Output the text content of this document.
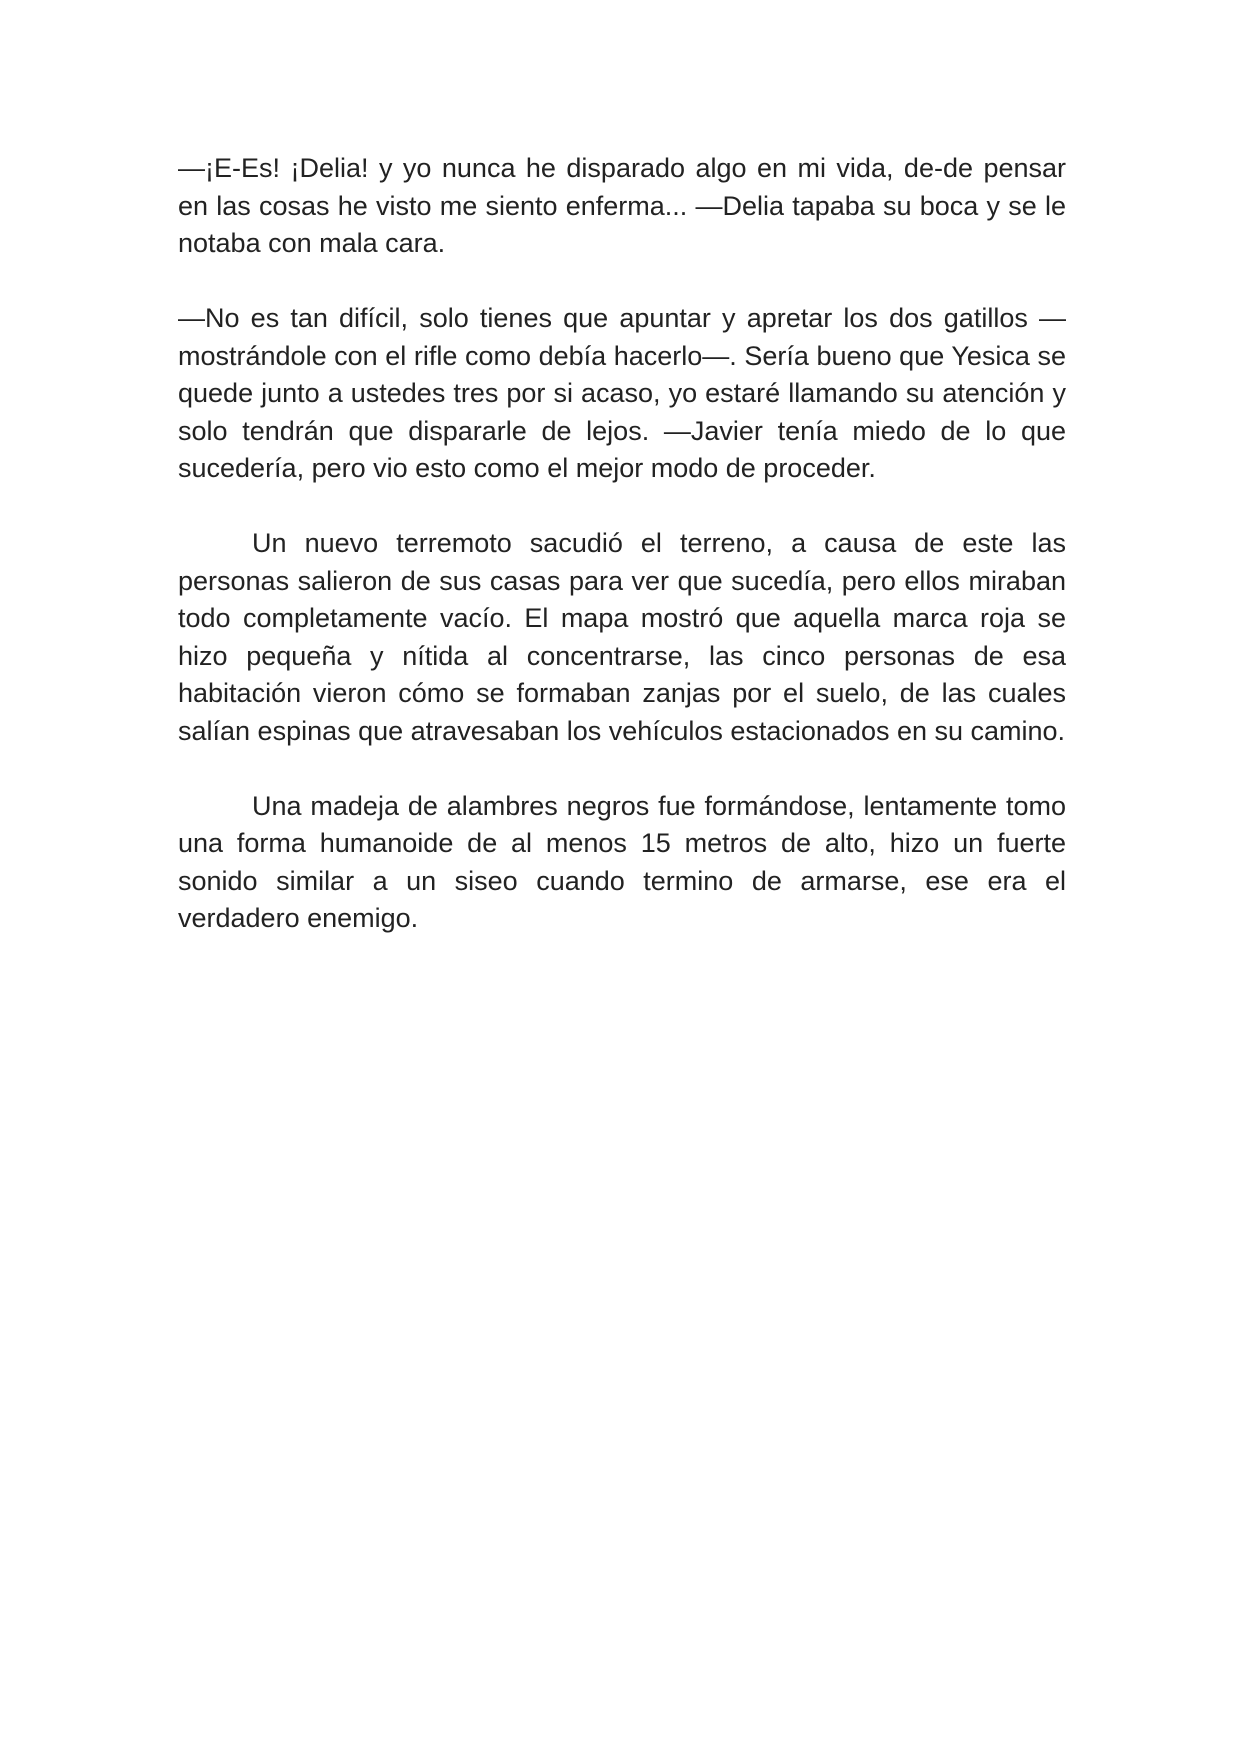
—¡E-Es! ¡Delia! y yo nunca he disparado algo en mi vida, de-de pensar en las cosas he visto me siento enferma... —Delia tapaba su boca y se le notaba con mala cara.

—No es tan difícil, solo tienes que apuntar y apretar los dos gatillos —mostrándole con el rifle como debía hacerlo—. Sería bueno que Yesica se quede junto a ustedes tres por si acaso, yo estaré llamando su atención y solo tendrán que dispararle de lejos. —Javier tenía miedo de lo que sucedería, pero vio esto como el mejor modo de proceder.

Un nuevo terremoto sacudió el terreno, a causa de este las personas salieron de sus casas para ver que sucedía, pero ellos miraban todo completamente vacío. El mapa mostró que aquella marca roja se hizo pequeña y nítida al concentrarse, las cinco personas de esa habitación vieron cómo se formaban zanjas por el suelo, de las cuales salían espinas que atravesaban los vehículos estacionados en su camino.

Una madeja de alambres negros fue formándose, lentamente tomo una forma humanoide de al menos 15 metros de alto, hizo un fuerte sonido similar a un siseo cuando termino de armarse, ese era el verdadero enemigo.
